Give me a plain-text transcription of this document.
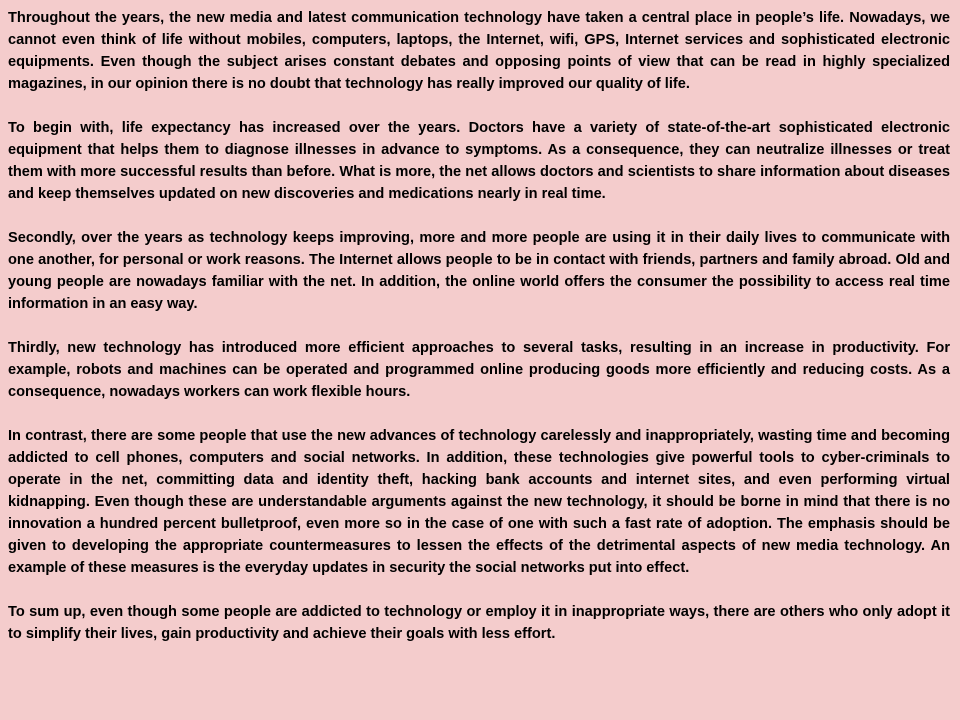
Throughout the years, the new media and latest communication technology have taken a central place in people’s life. Nowadays, we cannot even think of life without mobiles, computers, laptops, the Internet, wifi, GPS, Internet services and sophisticated electronic equipments. Even though the subject arises constant debates and opposing points of view that can be read in highly specialized magazines, in our opinion there is no doubt that technology has really improved our quality of life.

To begin with, life expectancy has increased over the years. Doctors have a variety of state-of-the-art sophisticated electronic equipment that helps them to diagnose illnesses in advance to symptoms. As a consequence, they can neutralize illnesses or treat them with more successful results than before. What is more, the net allows doctors and scientists to share information about diseases and keep themselves updated on new discoveries and medications nearly in real time.

Secondly, over the years as technology keeps improving, more and more people are using it in their daily lives to communicate with one another, for personal or work reasons. The Internet allows people to be in contact with friends, partners and family abroad. Old and young people are nowadays familiar with the net. In addition, the online world offers the consumer the possibility to access real time information in an easy way.

Thirdly, new technology has introduced more efficient approaches to several tasks, resulting in an increase in productivity. For example, robots and machines can be operated and programmed online producing goods more efficiently and reducing costs. As a consequence, nowadays workers can work flexible hours.

In contrast, there are some people that use the new advances of technology carelessly and inappropriately, wasting time and becoming addicted to cell phones, computers and social networks. In addition, these technologies give powerful tools to cyber-criminals to operate in the net, committing data and identity theft, hacking bank accounts and internet sites, and even performing virtual kidnapping. Even though these are understandable arguments against the new technology, it should be borne in mind that there is no innovation a hundred percent bulletproof, even more so in the case of one with such a fast rate of adoption. The emphasis should be given to developing the appropriate countermeasures to lessen the effects of the detrimental aspects of new media technology. An example of these measures is the everyday updates in security the social networks put into effect.

To sum up, even though some people are addicted to technology or employ it in inappropriate ways, there are others who only adopt it to simplify their lives, gain productivity and achieve their goals with less effort.
